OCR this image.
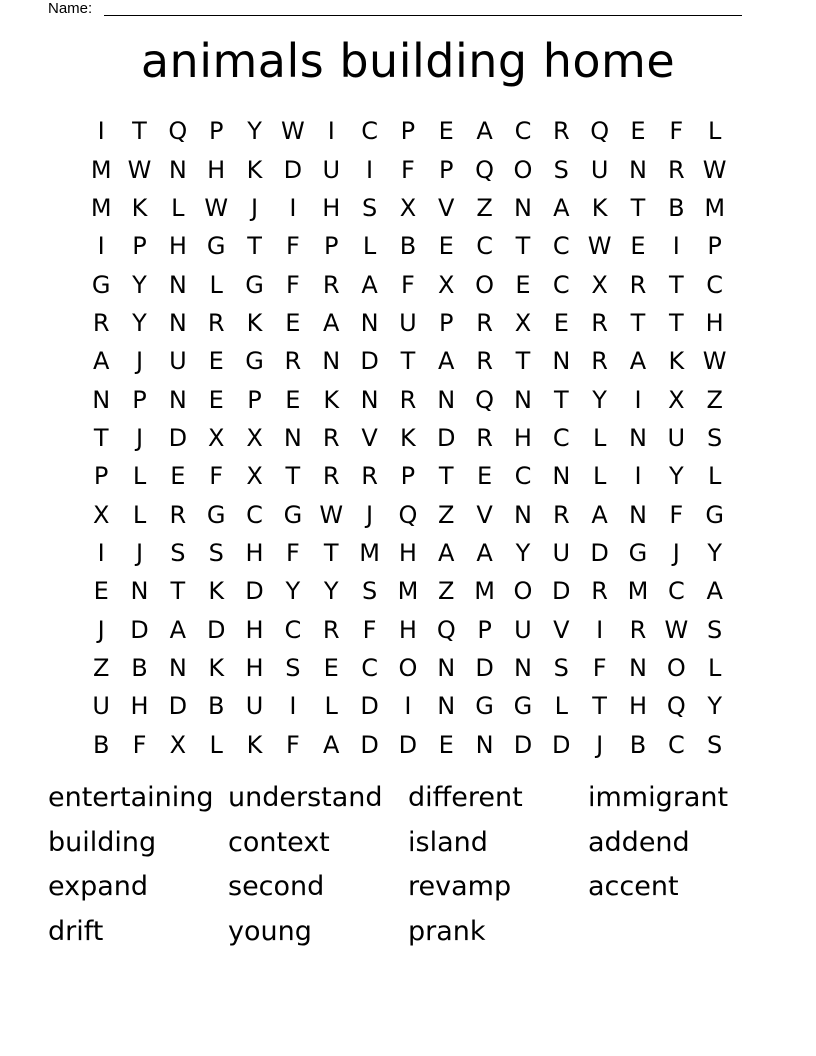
Name:
animals building home
I	T Q P Y W I	C P E A C R Q E F	L
M W N H K D U	I	F	P Q O S U N R W
M K L W J	I	H S X V Z N A K T B M
I	P H G T	F	P	L B E C T C W E	I	P
G Y N L G F R A F X O E C X R T C
R Y N R K E A N U P R X E R T T H
A	J	U E G R N D T A R T N R A K W
N P N E P E K N R N Q N T Y	I	X Z
T	J	D X X N R V K D R H C L N U S
P	L	E F X T R R P T E C N L	I	Y	L
X L R G C G W J	Q Z V N R A N F G
I	J	S S H F	T M H A A Y U D G	J	Y
E N T K D Y Y S M Z M O D R M C A
J	D A D H C R F H Q P U V	I	R W S
Z B N K H S E C O N D N S F N O L
U H D B U	I	L D	I	N G G L	T H Q Y
B F X L K F A D D E N D D	J	B C S
entertaining understand different	immigrant
building	context	island	addend
expand	second	revamp	accent
drift	young	prank
